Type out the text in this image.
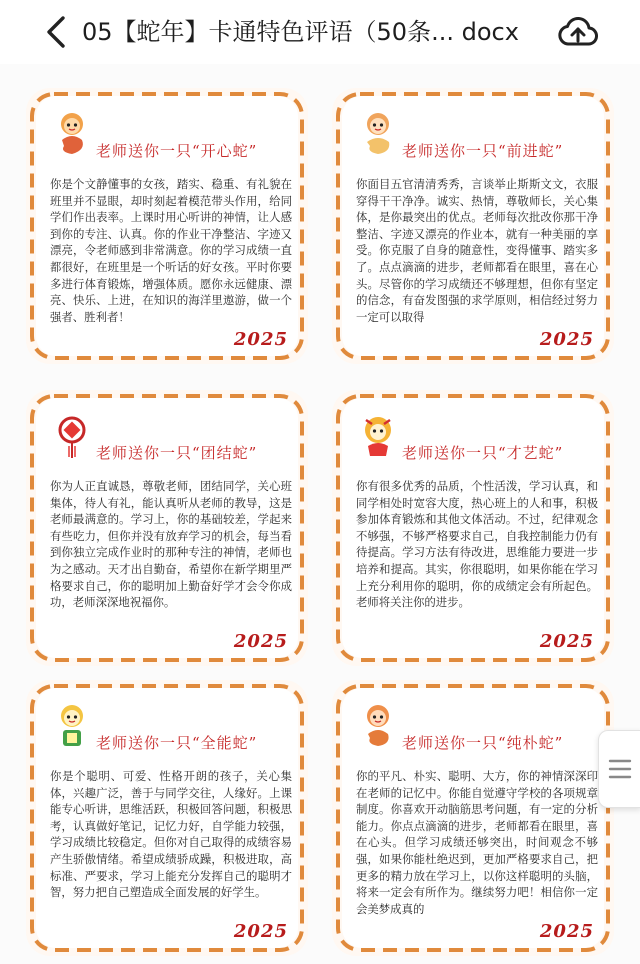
05【蛇年】卡通特色评语（50条... docx
老师送你一只“开心蛇”
你是个文静懂事的女孩，踏实、稳重、有礼貌在班里并不显眼，却时刻起着模范带头作用，给同学们作出表率。上课时用心听讲的神情，让人感到你的专注、认真。你的作业干净整洁、字迹又漂亮，令老师感到非常满意。你的学习成绩一直都很好，在班里是一个听话的好女孩。平时你要多进行体育锻炼，增强体质。愿你永远健康、漂亮、快乐、上进，在知识的海洋里遨游，做一个强者、胜利者！
2025
老师送你一只“前进蛇”
你面目五官清清秀秀，言谈举止斯斯文文，衣服穿得干干净净。诚实、热情，尊敬师长，关心集体，是你最突出的优点。老师每次批改你那干净整洁、字迹又漂亮的作业本，就有一种美丽的享受。你克服了自身的随意性，变得懂事、踏实多了。点点滴滴的进步，老师都看在眼里，喜在心头。尽管你的学习成绩还不够理想，但你有坚定的信念，有奋发图强的求学原则，相信经过努力一定可以取得
2025
老师送你一只“团结蛇”
你为人正直诚恳，尊敬老师，团结同学，关心班集体，待人有礼，能认真听从老师的教导，这是老师最满意的。学习上，你的基础较差，学起来有些吃力，但你并没有放弃学习的机会，每当看到你独立完成作业时的那种专注的神情，老师也为之感动。天才出自勤奋，希望你在新学期里严格要求自己，你的聪明加上勤奋好学才会令你成功，老师深深地祝福你。
2025
老师送你一只“才艺蛇”
你有很多优秀的品质，个性活泼，学习认真，和同学相处时宽容大度，热心班上的人和事，积极参加体育锻炼和其他文体活动。不过，纪律观念不够强，不够严格要求自己，自我控制能力仍有待提高。学习方法有待改进，思维能力要进一步培养和提高。其实，你很聪明，如果你能在学习上充分利用你的聪明，你的成绩定会有所起色。老师将关注你的进步。
2025
老师送你一只“全能蛇”
你是个聪明、可爱、性格开朗的孩子，关心集体，兴趣广泛，善于与同学交往，人缘好。上课能专心听讲，思维活跃，积极回答问题，积极思考，认真做好笔记，记忆力好，自学能力较强，学习成绩比较稳定。但你对自己取得的成绩容易产生骄傲情绪。希望成绩骄成躁，积极进取，高标准、严要求，学习上能充分发挥自己的聪明才智，努力把自己塑造成全面发展的好学生。
2025
老师送你一只“纯朴蛇”
你的平凡、朴实、聪明、大方，你的神情深深印在老师的记忆中。你能自觉遵守学校的各项规章制度。你喜欢开动脑筋思考问题，有一定的分析能力。你点点滴滴的进步，老师都看在眼里，喜在心头。但学习成绩还够突出，时间观念不够强，如果你能杜绝迟到，更加严格要求自己，把更多的精力放在学习上，以你这样聪明的头脑，将来一定会有所作为。继续努力吧！相信你一定会美梦成真的
2025
